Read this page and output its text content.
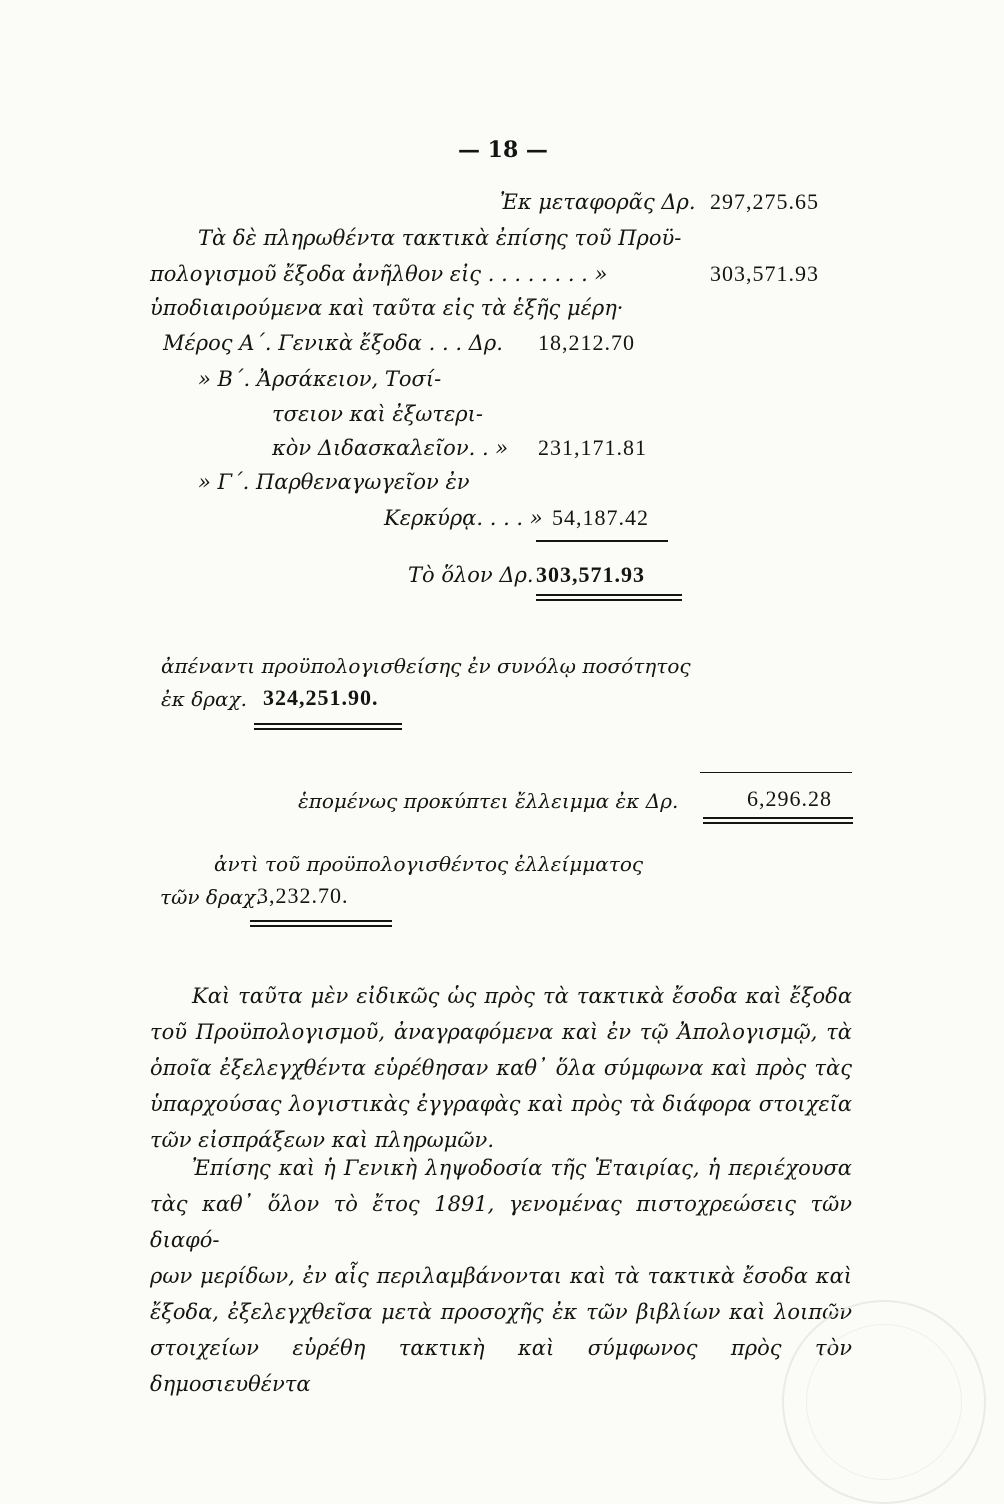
— 18 —
Ἐκ μεταφορᾶς Δρ. 297,275.65
Τὰ δὲ πληρωθέντα τακτικὰ ἐπίσης τοῦ Προϋ-
πολογισμοῦ ἔξοδα ἀνῆλθον εἰς . . . . . . . . »	303,571.93
ὑποδιαιρούμενα καὶ ταῦτα εἰς τὰ ἑξῆς μέρη·
Μέρος Α΄. Γενικὰ ἔξοδα . . . Δρ. 18,212.70
» Β΄. Ἀρσάκειον, Τοσί-
τσειον καὶ ἐξωτερι-
κὸν Διδασκαλεῖον. . » 231,171.81
» Γ΄. Παρθεναγωγεῖον ἐν
Κερκύρᾳ. . . . » 54,187.42
Τὸ ὅλον Δρ. 303,571.93
ἀπέναντι προϋπολογισθείσης ἐν συνόλῳ ποσότητος
ἐκ δραχ. 324,251.90.
ἑπομένως προκύπτει ἔλλειμμα ἐκ Δρ.	6,296.28
ἀντὶ τοῦ προϋπολογισθέντος ἐλλείμματος
τῶν δραχ.
3,232.70.
Καὶ ταῦτα μὲν εἰδικῶς ὡς πρὸς τὰ τακτικὰ ἔσοδα καὶ ἔξοδα
τοῦ Προϋπολογισμοῦ, ἀναγραφόμενα καὶ ἐν τῷ Ἀπολογισμῷ, τὰ
ὁποῖα ἐξελεγχθέντα εὑρέθησαν καθ᾽ ὅλα σύμφωνα καὶ πρὸς τὰς
ὑπαρχούσας λογιστικὰς ἐγγραφὰς καὶ πρὸς τὰ διάφορα στοιχεῖα
τῶν εἰσπράξεων καὶ πληρωμῶν.
Ἐπίσης καὶ ἡ Γενικὴ ληψοδοσία τῆς Ἑταιρίας, ἡ περιέχουσα
τὰς καθ᾽ ὅλον τὸ ἔτος 1891, γενομένας πιστοχρεώσεις τῶν διαφό-
ρων μερίδων, ἐν αἷς περιλαμβάνονται καὶ τὰ τακτικὰ ἔσοδα καὶ
ἔξοδα, ἐξελεγχθεῖσα μετὰ προσοχῆς ἐκ τῶν βιβλίων καὶ λοιπῶν
στοιχείων εὑρέθη τακτικὴ καὶ σύμφωνος πρὸς τὸν δημοσιευθέντα
